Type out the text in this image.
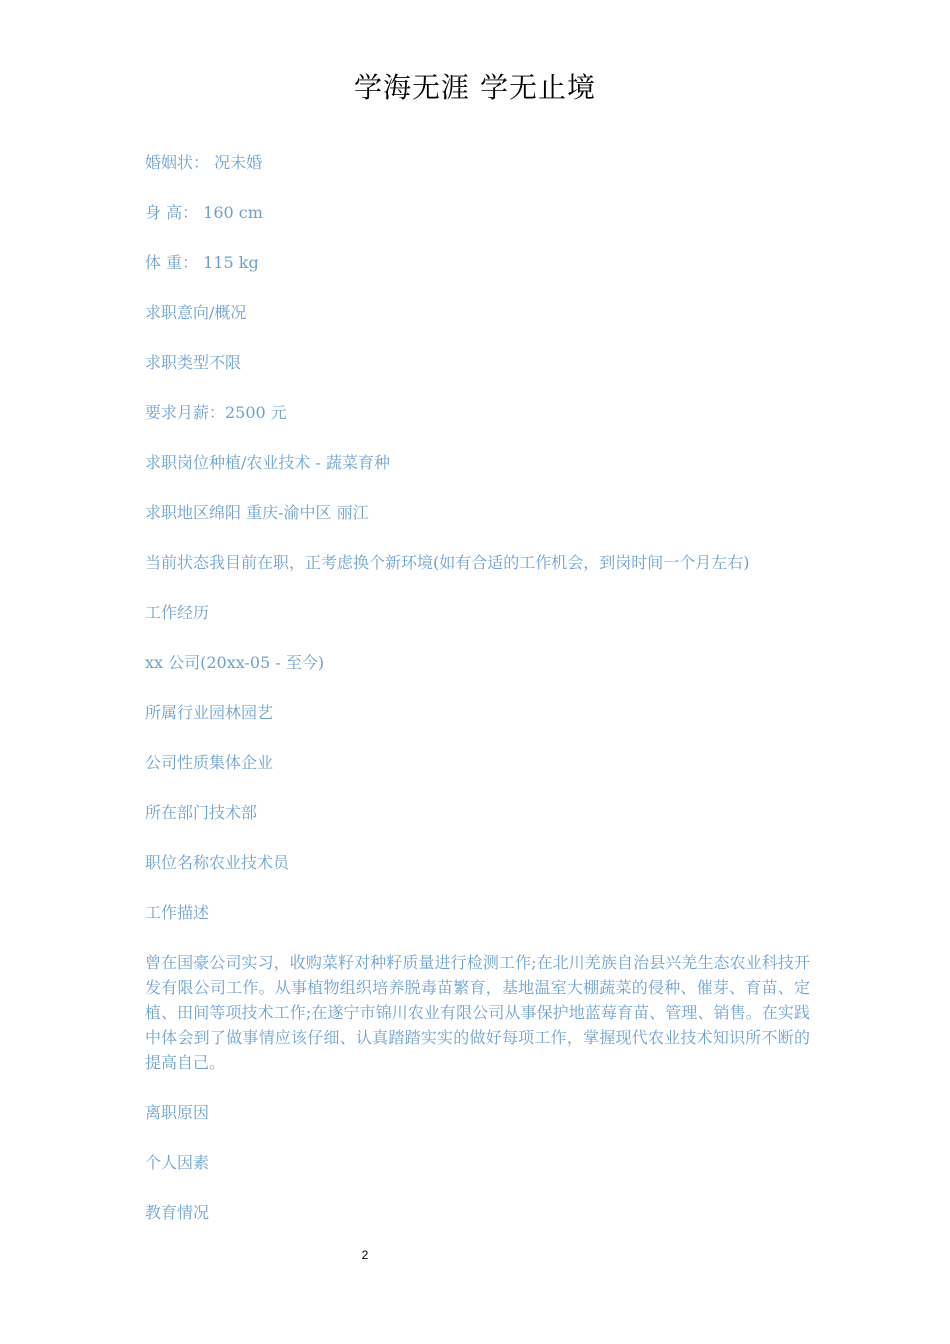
学海无涯 学无止境
婚姻状： 况未婚
身 高： 160 cm
体 重： 115 kg
求职意向/概况
求职类型不限
要求月薪：2500 元
求职岗位种植/农业技术 - 蔬菜育种
求职地区绵阳 重庆-渝中区 丽江
当前状态我目前在职，正考虑换个新环境(如有合适的工作机会，到岗时间一个月左右)
工作经历
xx 公司(20xx-05 - 至今)
所属行业园林园艺
公司性质集体企业
所在部门技术部
职位名称农业技术员
工作描述
曾在国豪公司实习，收购菜籽对种籽质量进行检测工作;在北川羌族自治县兴羌生态农业科技开发有限公司工作。从事植物组织培养脱毒苗繁育，基地温室大棚蔬菜的侵种、催芽、育苗、定植、田间等项技术工作;在遂宁市锦川农业有限公司从事保护地蓝莓育苗、管理、销售。在实践中体会到了做事情应该仔细、认真踏踏实实的做好每项工作，掌握现代农业技术知识所不断的提高自己。
离职原因
个人因素
教育情况
2
